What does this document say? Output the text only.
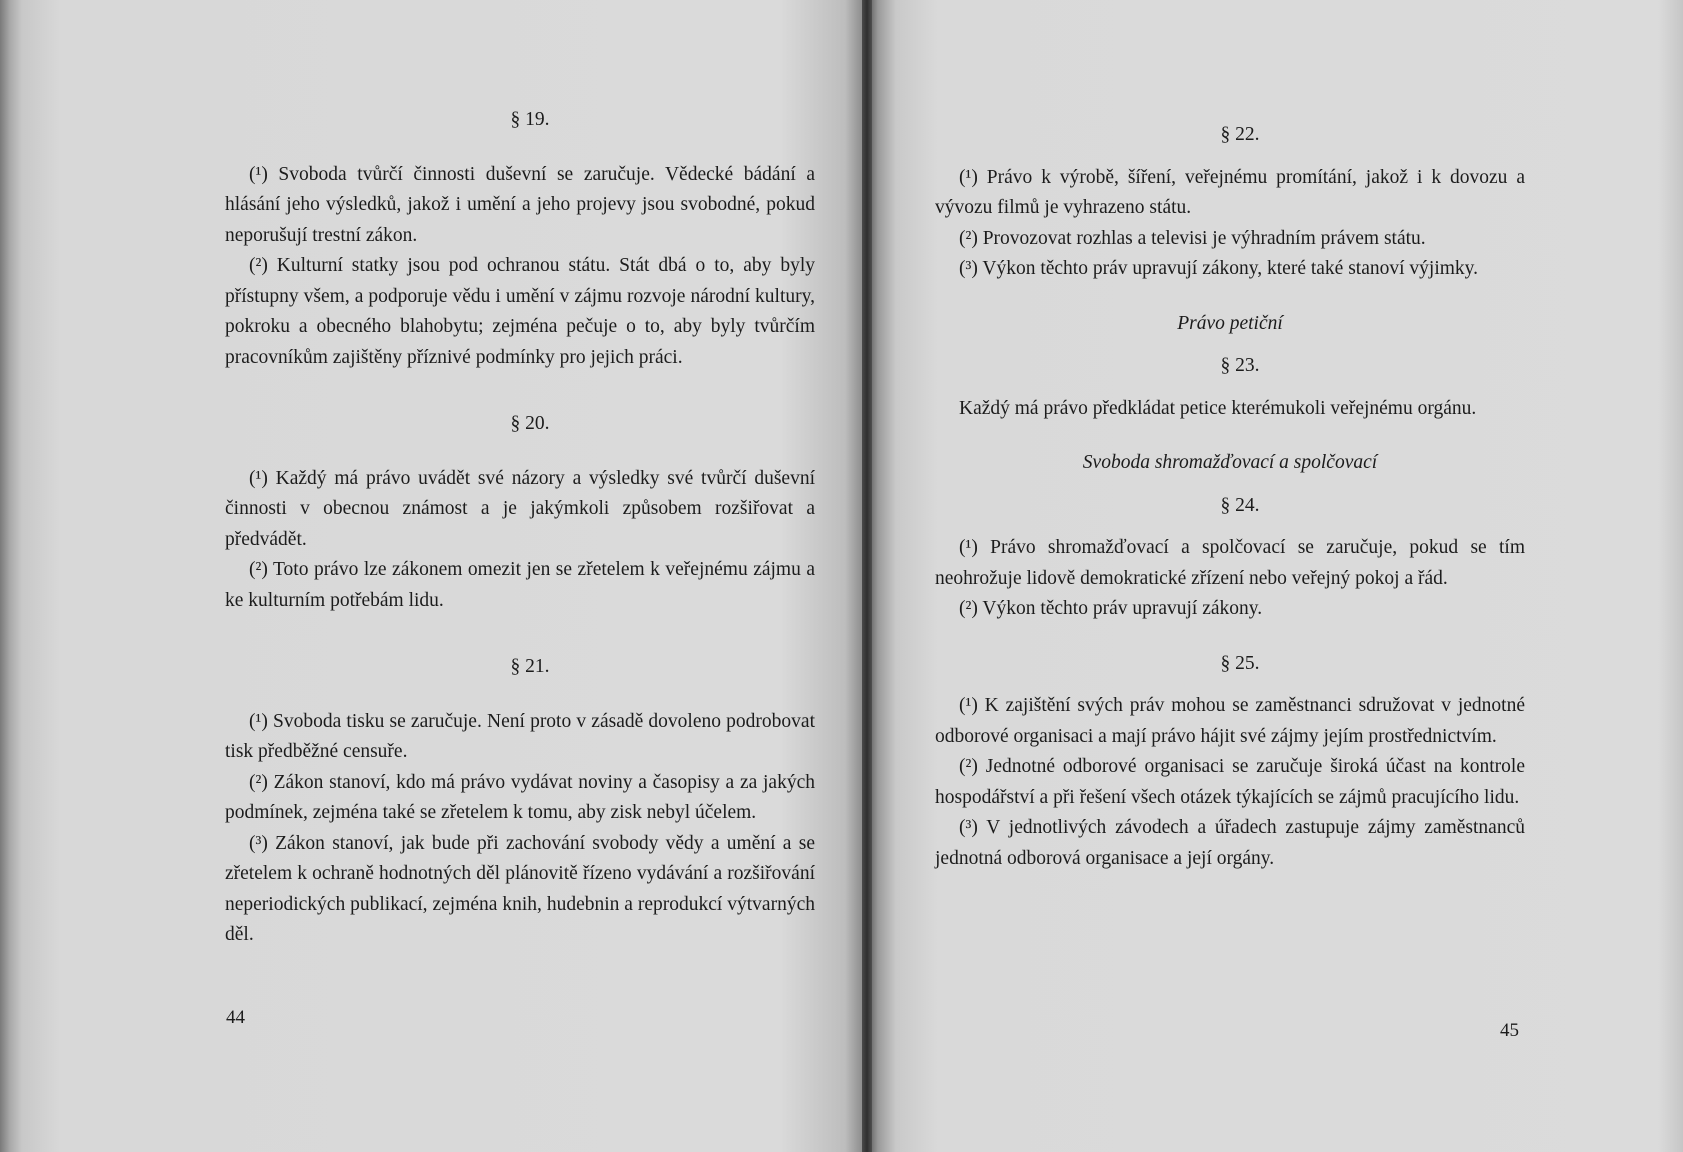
§ 19.

(¹) Svoboda tvůrčí činnosti duševní se zaručuje. Vědecké bádání a hlásání jeho výsledků, jakož i umění a jeho projevy jsou svobodné, pokud neporušují trestní zákon.

(²) Kulturní statky jsou pod ochranou státu. Stát dbá o to, aby byly přístupny všem, a podporuje vědu i umění v zájmu rozvoje národní kultury, pokroku a obecného blahobytu; zejména pečuje o to, aby byly tvůrčím pracovníkům zajištěny příznivé podmínky pro jejich práci.

§ 20.

(¹) Každý má právo uvádět své názory a výsledky své tvůrčí duševní činnosti v obecnou známost a je jakýmkoli způsobem rozšiřovat a předvádět.

(²) Toto právo lze zákonem omezit jen se zřetelem k veřejnému zájmu a ke kulturním potřebám lidu.

§ 21.

(¹) Svoboda tisku se zaručuje. Není proto v zásadě dovoleno podrobovat tisk předběžné censuře.

(²) Zákon stanoví, kdo má právo vydávat noviny a časopisy a za jakých podmínek, zejména také se zřetelem k tomu, aby zisk nebyl účelem.

(³) Zákon stanoví, jak bude při zachování svobody vědy a umění a se zřetelem k ochraně hodnotných děl plánovitě řízeno vydávání a rozšiřování neperiodických publikací, zejména knih, hudebnin a reprodukcí výtvarných děl.

44

§ 22.

(¹) Právo k výrobě, šíření, veřejnému promítání, jakož i k dovozu a vývozu filmů je vyhrazeno státu.

(²) Provozovat rozhlas a televisi je výhradním právem státu.

(³) Výkon těchto práv upravují zákony, které také stanoví výjimky.

Právo petiční

§ 23.

Každý má právo předkládat petice kterémukoli veřejnému orgánu.

Svoboda shromažďovací a spolčovací

§ 24.

(¹) Právo shromažďovací a spolčovací se zaručuje, pokud se tím neohrožuje lidově demokratické zřízení nebo veřejný pokoj a řád.

(²) Výkon těchto práv upravují zákony.

§ 25.

(¹) K zajištění svých práv mohou se zaměstnanci sdružovat v jednotné odborové organisaci a mají právo hájit své zájmy jejím prostřednictvím.

(²) Jednotné odborové organisaci se zaručuje široká účast na kontrole hospodářství a při řešení všech otázek týkajících se zájmů pracujícího lidu.

(³) V jednotlivých závodech a úřadech zastupuje zájmy zaměstnanců jednotná odborová organisace a její orgány.

45
